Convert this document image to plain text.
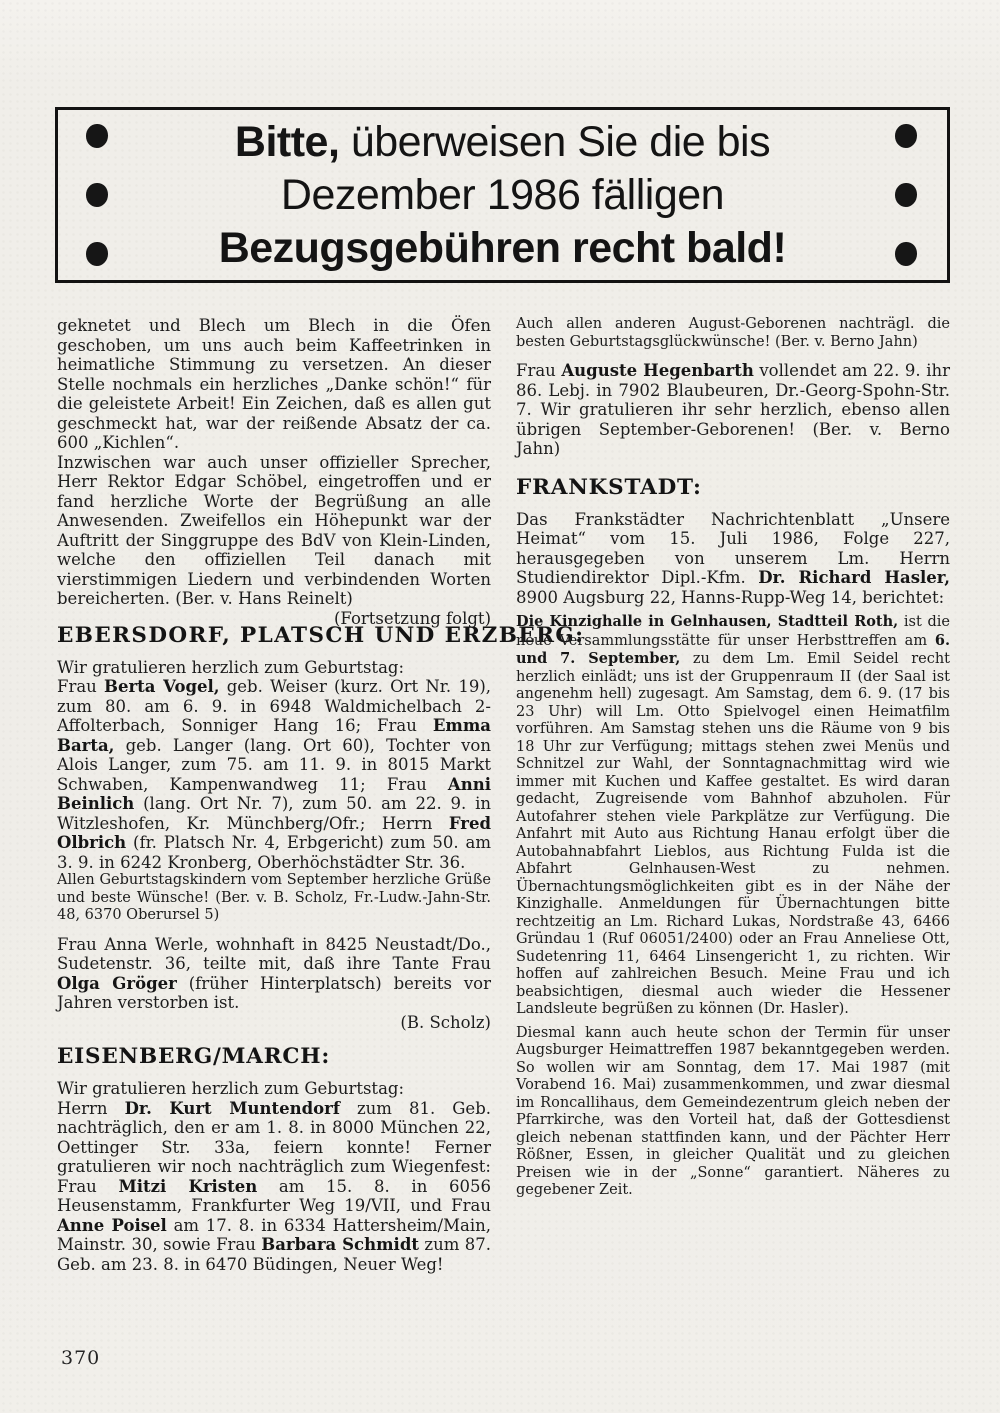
Bitte, überweisen Sie die bis
Dezember 1986 fälligen
Bezugsgebühren recht bald!

geknetet und Blech um Blech in die Öfen geschoben, um uns auch beim Kaffeetrinken in heimatliche Stimmung zu versetzen. An dieser Stelle nochmals ein herzliches „Danke schön!“ für die geleistete Arbeit! Ein Zeichen, daß es allen gut geschmeckt hat, war der reißende Absatz der ca. 600 „Kichlen“.

Inzwischen war auch unser offizieller Sprecher, Herr Rektor Edgar Schöbel, eingetroffen und er fand herzliche Worte der Begrüßung an alle Anwesenden. Zweifellos ein Höhepunkt war der Auftritt der Singgruppe des BdV von Klein-Linden, welche den offiziellen Teil danach mit vierstimmigen Liedern und verbindenden Worten bereicherten. (Ber. v. Hans Reinelt)
(Fortsetzung folgt)

EBERSDORF, PLATSCH UND ERZBERG:

Wir gratulieren herzlich zum Geburtstag:

Frau Berta Vogel, geb. Weiser (kurz. Ort Nr. 19), zum 80. am 6. 9. in 6948 Waldmichelbach 2-Affolterbach, Sonniger Hang 16; Frau Emma Barta, geb. Langer (lang. Ort 60), Tochter von Alois Langer, zum 75. am 11. 9. in 8015 Markt Schwaben, Kampenwandweg 11; Frau Anni Beinlich (lang. Ort Nr. 7), zum 50. am 22. 9. in Witzleshofen, Kr. Münchberg/Ofr.; Herrn Fred Olbrich (fr. Platsch Nr. 4, Erbgericht) zum 50. am 3. 9. in 6242 Kronberg, Oberhöchstädter Str. 36.

Allen Geburtstagskindern vom September herzliche Grüße und beste Wünsche! (Ber. v. B. Scholz, Fr.-Ludw.-Jahn-Str. 48, 6370 Oberursel 5)

Frau Anna Werle, wohnhaft in 8425 Neustadt/Do., Sudetenstr. 36, teilte mit, daß ihre Tante Frau Olga Gröger (früher Hinterplatsch) bereits vor Jahren verstorben ist.

(B. Scholz)

EISENBERG/MARCH:

Wir gratulieren herzlich zum Geburtstag:

Herrn Dr. Kurt Muntendorf zum 81. Geb. nachträglich, den er am 1. 8. in 8000 München 22, Oettinger Str. 33a, feiern konnte! Ferner gratulieren wir noch nachträglich zum Wiegenfest: Frau Mitzi Kristen am 15. 8. in 6056 Heusenstamm, Frankfurter Weg 19/VII, und Frau Anne Poisel am 17. 8. in 6334 Hattersheim/Main, Mainstr. 30, sowie Frau Barbara Schmidt zum 87. Geb. am 23. 8. in 6470 Büdingen, Neuer Weg!

Auch allen anderen August-Geborenen nachträgl. die besten Geburtstagsglückwünsche! (Ber. v. Berno Jahn)

Frau Auguste Hegenbarth vollendet am 22. 9. ihr 86. Lebj. in 7902 Blaubeuren, Dr.-Georg-Spohn-Str. 7. Wir gratulieren ihr sehr herzlich, ebenso allen übrigen September-Geborenen! (Ber. v. Berno Jahn)

FRANKSTADT:

Das Frankstädter Nachrichtenblatt „Unsere Heimat“ vom 15. Juli 1986, Folge 227, herausgegeben von unserem Lm. Herrn Studiendirektor Dipl.-Kfm. Dr. Richard Hasler, 8900 Augsburg 22, Hanns-Rupp-Weg 14, berichtet:

Die Kinzighalle in Gelnhausen, Stadtteil Roth, ist die neue Versammlungsstätte für unser Herbsttreffen am 6. und 7. September, zu dem Lm. Emil Seidel recht herzlich einlädt; uns ist der Gruppenraum II (der Saal ist angenehm hell) zugesagt. Am Samstag, dem 6. 9. (17 bis 23 Uhr) will Lm. Otto Spielvogel einen Heimatfilm vorführen. Am Samstag stehen uns die Räume von 9 bis 18 Uhr zur Verfügung; mittags stehen zwei Menüs und Schnitzel zur Wahl, der Sonntagnachmittag wird wie immer mit Kuchen und Kaffee gestaltet. Es wird daran gedacht, Zugreisende vom Bahnhof abzuholen. Für Autofahrer stehen viele Parkplätze zur Verfügung. Die Anfahrt mit Auto aus Richtung Hanau erfolgt über die Autobahnabfahrt Lieblos, aus Richtung Fulda ist die Abfahrt Gelnhausen-West zu nehmen. Übernachtungsmöglichkeiten gibt es in der Nähe der Kinzighalle. Anmeldungen für Übernachtungen bitte rechtzeitig an Lm. Richard Lukas, Nordstraße 43, 6466 Gründau 1 (Ruf 06051/2400) oder an Frau Anneliese Ott, Sudetenring 11, 6464 Linsengericht 1, zu richten. Wir hoffen auf zahlreichen Besuch. Meine Frau und ich beabsichtigen, diesmal auch wieder die Hessener Landsleute begrüßen zu können (Dr. Hasler).

Diesmal kann auch heute schon der Termin für unser Augsburger Heimattreffen 1987 bekanntgegeben werden. So wollen wir am Sonntag, dem 17. Mai 1987 (mit Vorabend 16. Mai) zusammenkommen, und zwar diesmal im Roncallihaus, dem Gemeindezentrum gleich neben der Pfarrkirche, was den Vorteil hat, daß der Gottesdienst gleich nebenan stattfinden kann, und der Pächter Herr Rößner, Essen, in gleicher Qualität und zu gleichen Preisen wie in der „Sonne“ garantiert. Näheres zu gegebener Zeit.

370
